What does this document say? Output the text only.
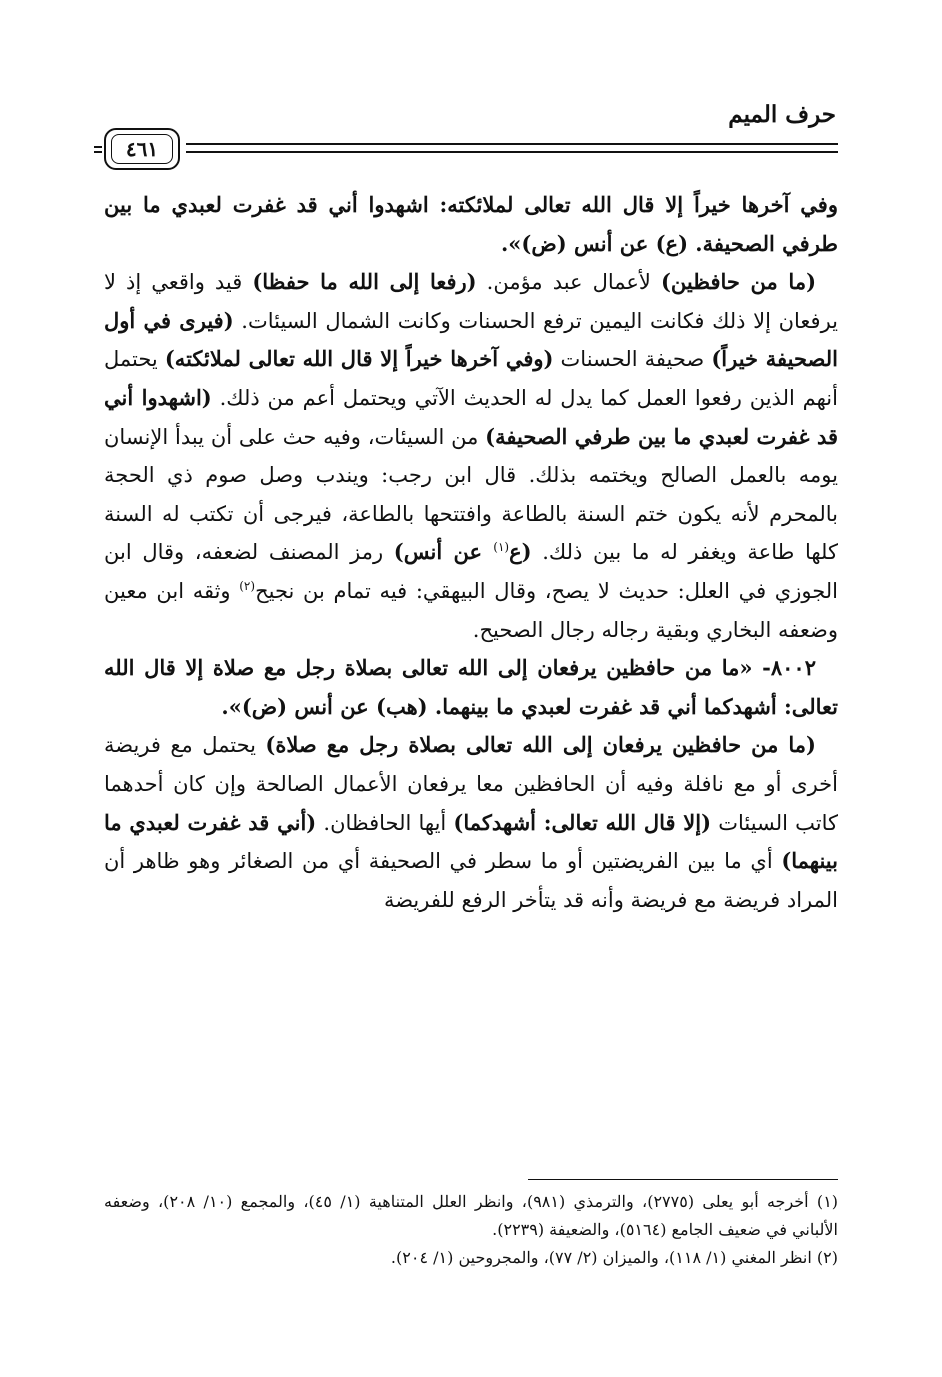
حرف الميم
٤٦١

وفي آخرها خيراً إلا قال الله تعالى لملائكته: اشهدوا أني قد غفرت لعبدي ما بين طرفي الصحيفة. (ع) عن أنس (ض)».

(ما من حافظين) لأعمال عبد مؤمن. (رفعا إلى الله ما حفظا) قيد واقعي إذ لا يرفعان إلا ذلك فكانت اليمين ترفع الحسنات وكانت الشمال السيئات. (فيرى في أول الصحيفة خيراً) صحيفة الحسنات (وفي آخرها خيراً إلا قال الله تعالى لملائكته) يحتمل أنهم الذين رفعوا العمل كما يدل له الحديث الآتي ويحتمل أعم من ذلك. (اشهدوا أني قد غفرت لعبدي ما بين طرفي الصحيفة) من السيئات، وفيه حث على أن يبدأ الإنسان يومه بالعمل الصالح ويختمه بذلك. قال ابن رجب: ويندب وصل صوم ذي الحجة بالمحرم لأنه يكون ختم السنة بالطاعة وافتتحها بالطاعة، فيرجى أن تكتب له السنة كلها طاعة ويغفر له ما بين ذلك. (ع$^{(١)}$ عن أنس) رمز المصنف لضعفه، وقال ابن الجوزي في العلل: حديث لا يصح، وقال البيهقي: فيه تمام بن نجيح$^{(٢)}$ وثقه ابن معين وضعفه البخاري وبقية رجاله رجال الصحيح.

٨٠٠٢- «ما من حافظين يرفعان إلى الله تعالى بصلاة رجل مع صلاة إلا قال الله تعالى: أشهدكما أني قد غفرت لعبدي ما بينهما. (هب) عن أنس (ض)».

(ما من حافظين يرفعان إلى الله تعالى بصلاة رجل مع صلاة) يحتمل مع فريضة أخرى أو مع نافلة وفيه أن الحافظين معا يرفعان الأعمال الصالحة وإن كان أحدهما كاتب السيئات (إلا قال الله تعالى: أشهدكما) أيها الحافظان. (أني قد غفرت لعبدي ما بينهما) أي ما بين الفريضتين أو ما سطر في الصحيفة أي من الصغائر وهو ظاهر أن المراد فريضة مع فريضة وأنه قد يتأخر الرفع للفريضة

(١) أخرجه أبو يعلى (٢٧٧٥)، والترمذي (٩٨١)، وانظر العلل المتناهية (١/ ٤٥)، والمجمع (١٠/ ٢٠٨)، وضعفه الألباني في ضعيف الجامع (٥١٦٤)، والضعيفة (٢٢٣٩).

(٢) انظر المغني (١/ ١١٨)، والميزان (٢/ ٧٧)، والمجروحين (١/ ٢٠٤).
